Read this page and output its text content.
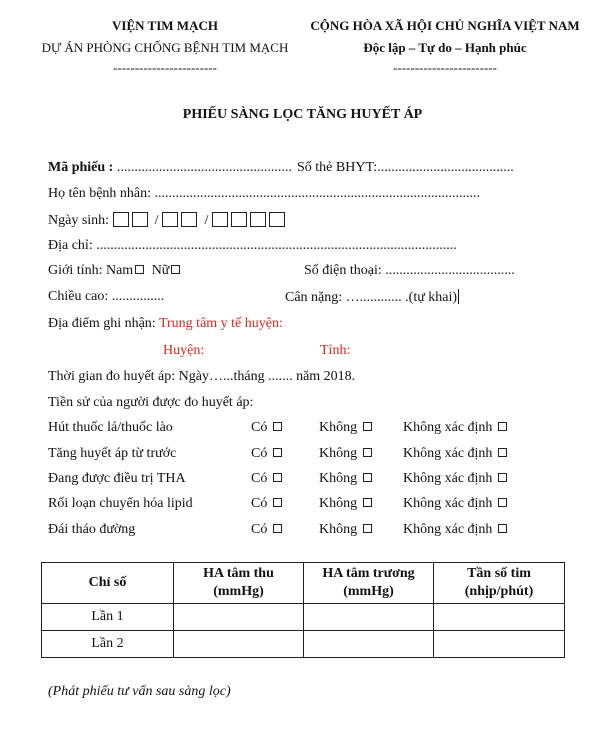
VIỆN TIM MẠCH
DỰ ÁN PHÒNG CHỐNG BỆNH TIM MẠCH
------------------------
CỘNG HÒA XÃ HỘI CHỦ NGHĨA VIỆT NAM
Độc lập – Tự do – Hạnh phúc
------------------------
PHIẾU SÀNG LỌC TĂNG HUYẾT ÁP
Mã phiếu : .................................................. Số thẻ BHYT:.......................................
Họ tên bệnh nhân: .............................................................................................
Ngày sinh:	/	/
Địa chỉ: .......................................................................................................
Giới tính: Nam Nữ	Số điện thoại: .....................................
Chiều cao: ...............	Cân nặng: …............ .(tự khai)
Địa điểm ghi nhận: Trung tâm y tế huyện:
Huyện:	Tỉnh:
Thời gian đo huyết áp: Ngày…...tháng ....... năm 2018.
Tiền sử của người được đo huyết áp:
Hút thuốc lá/thuốc lào	Có	Không	Không xác định
Tăng huyết áp từ trước	Có	Không	Không xác định
Đang được điều trị THA	Có	Không	Không xác định
Rối loạn chuyển hóa lipid	Có	Không	Không xác định
Đái tháo đường	Có	Không	Không xác định
Chỉ số	HA tâm thu (mmHg)	HA tâm trương (mmHg)	Tần số tim (nhịp/phút)
Lần 1			
Lần 2			
(Phát phiếu tư vấn sau sàng lọc)
